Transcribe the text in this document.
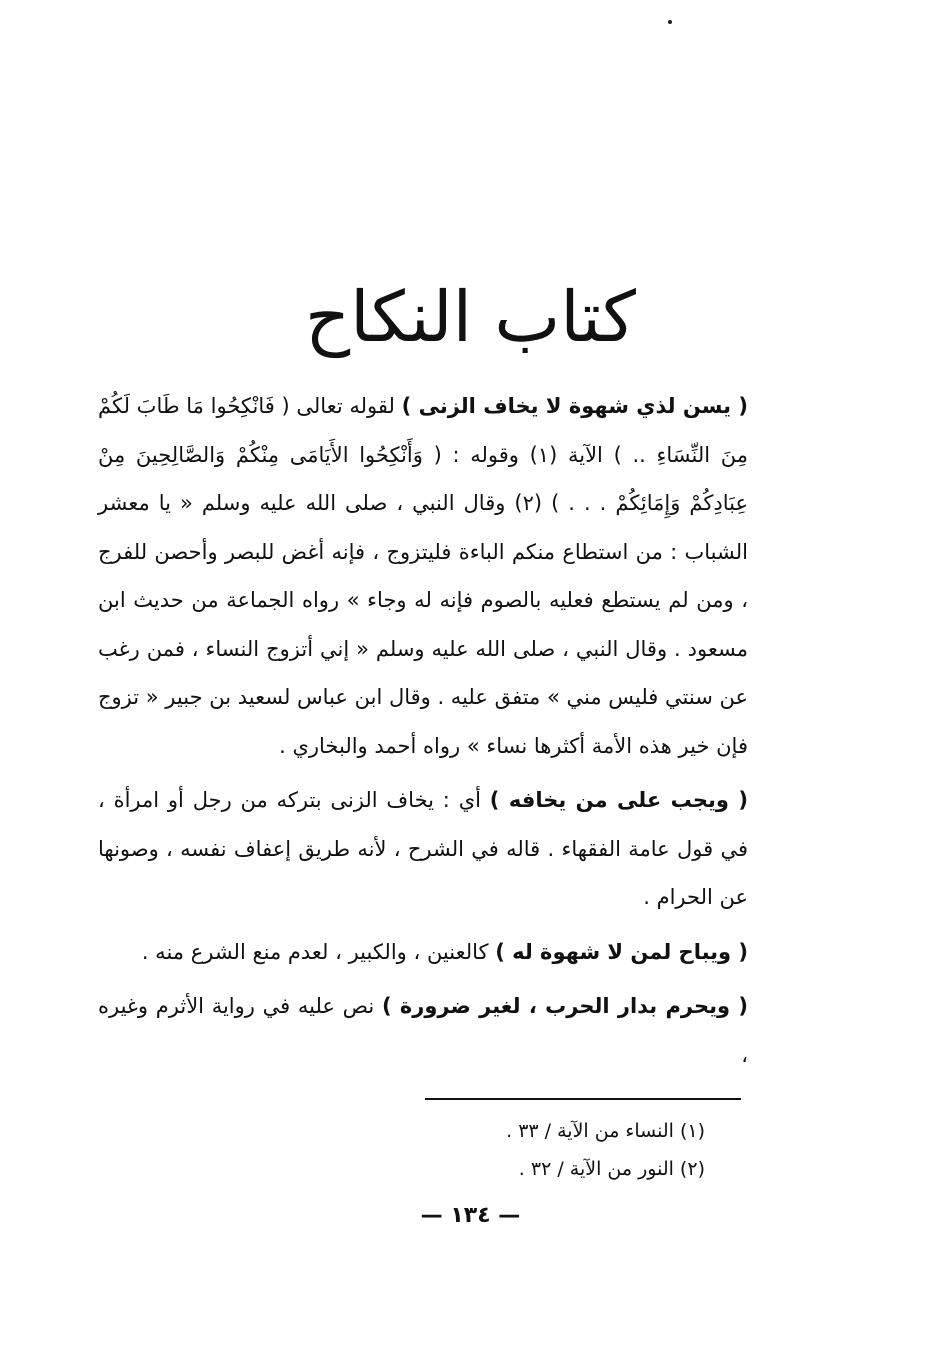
كتاب النكاح

( يسن لذي شهوة لا يخاف الزنى ) لقوله تعالى ( فَانْكِحُوا مَا طَابَ لَكُمْ مِنَ النِّسَاءِ .. ) الآية (١) وقوله : ( وَأَنْكِحُوا الأَيَامَى مِنْكُمْ وَالصَّالِحِينَ مِنْ عِبَادِكُمْ وَإِمَائِكُمْ . . . ) (٢) وقال النبي ، صلى الله عليه وسلم « يا معشر الشباب : من استطاع منكم الباءة فليتزوج ، فإنه أغض للبصر وأحصن للفرج ، ومن لم يستطع فعليه بالصوم فإنه له وجاء » رواه الجماعة من حديث ابن مسعود . وقال النبي ، صلى الله عليه وسلم « إني أتزوج النساء ، فمن رغب عن سنتي فليس مني » متفق عليه . وقال ابن عباس لسعيد بن جبير « تزوج فإن خير هذه الأمة أكثرها نساء » رواه أحمد والبخاري .

( ويجب على من يخافه ) أي : يخاف الزنى بتركه من رجل أو امرأة ، في قول عامة الفقهاء . قاله في الشرح ، لأنه طريق إعفاف نفسه ، وصونها عن الحرام .

( ويباح لمن لا شهوة له ) كالعنين ، والكبير ، لعدم منع الشرع منه .

( ويحرم بدار الحرب ، لغير ضرورة ) نص عليه في رواية الأثرم وغيره ،

(١) النساء من الآية / ٣٣ .
(٢) النور من الآية / ٣٢ .
— ١٣٤ —
